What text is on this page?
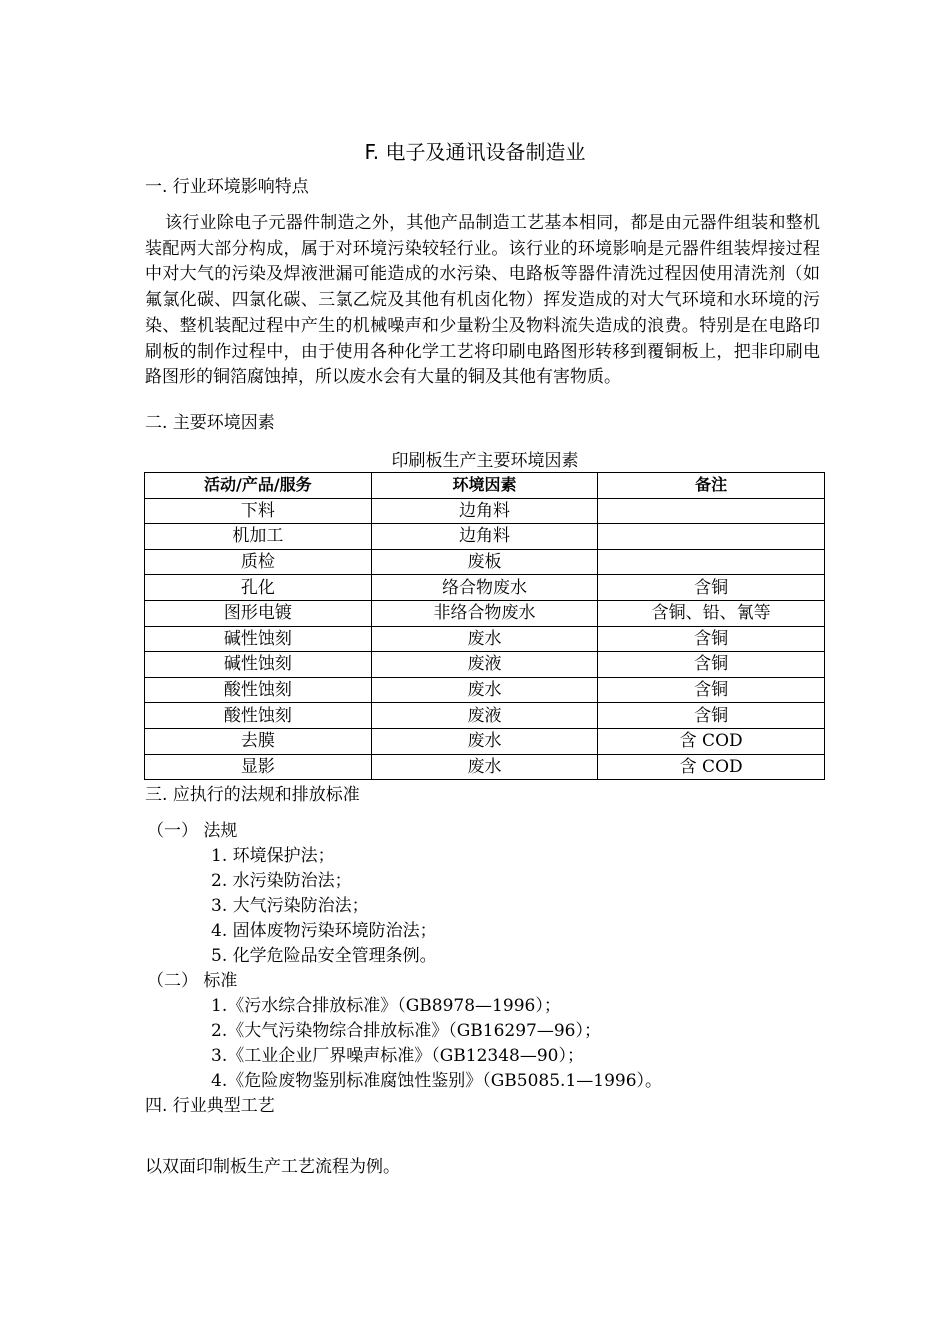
F. 电子及通讯设备制造业
一. 行业环境影响特点

该行业除电子元器件制造之外，其他产品制造工艺基本相同，都是由元器件组装和整机装配两大部分构成，属于对环境污染较轻行业。该行业的环境影响是元器件组装焊接过程中对大气的污染及焊液泄漏可能造成的水污染、电路板等器件清洗过程因使用清洗剂（如氟氯化碳、四氯化碳、三氯乙烷及其他有机卤化物）挥发造成的对大气环境和水环境的污染、整机装配过程中产生的机械噪声和少量粉尘及物料流失造成的浪费。特别是在电路印刷板的制作过程中，由于使用各种化学工艺将印刷电路图形转移到覆铜板上，把非印刷电路图形的铜箔腐蚀掉，所以废水会有大量的铜及其他有害物质。

二. 主要环境因素
印刷板生产主要环境因素
活动/产品/服务	环境因素	备注
下料	边角料	
机加工	边角料	
质检	废板	
孔化	络合物废水	含铜
图形电镀	非络合物废水	含铜、铅、氰等
碱性蚀刻	废水	含铜
碱性蚀刻	废液	含铜
酸性蚀刻	废水	含铜
酸性蚀刻	废液	含铜
去膜	废水	含 COD
显影	废水	含 COD
三. 应执行的法规和排放标准
（一） 法规
1. 环境保护法；
2. 水污染防治法；
3. 大气污染防治法；
4. 固体废物污染环境防治法；
5. 化学危险品安全管理条例。
（二） 标准
1.《污水综合排放标准》（GB8978—1996）；
2.《大气污染物综合排放标准》（GB16297—96）；
3.《工业企业厂界噪声标准》（GB12348—90）；
4.《危险废物鉴别标准腐蚀性鉴别》（GB5085.1—1996）。
四. 行业典型工艺
以双面印制板生产工艺流程为例。
